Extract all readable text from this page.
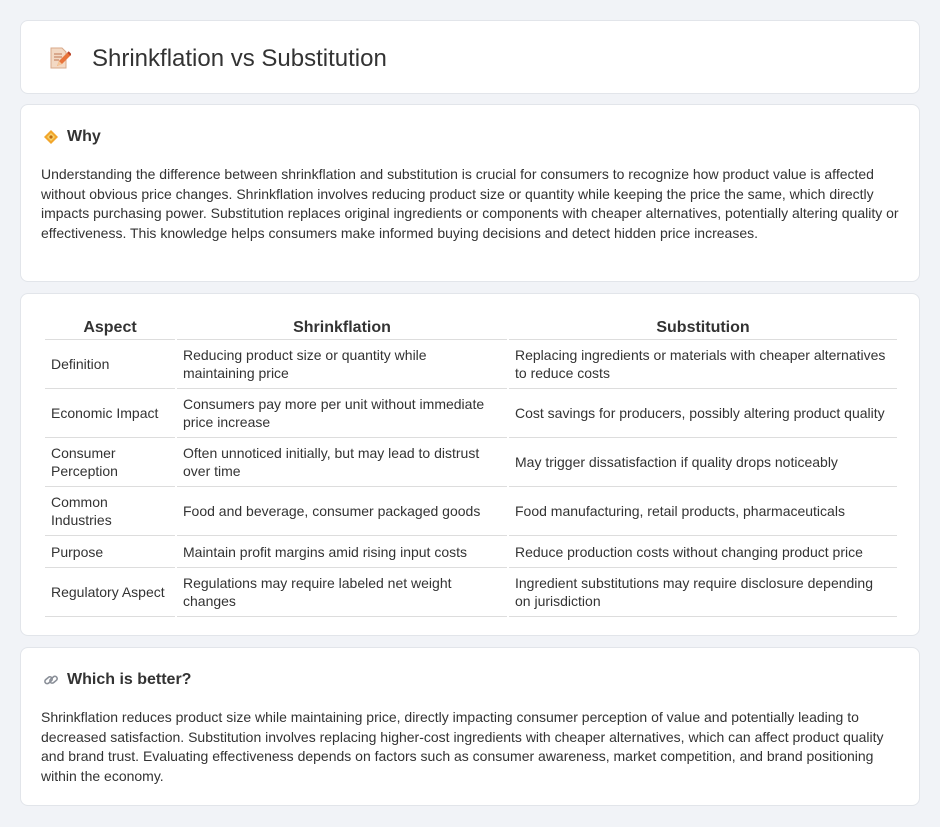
Shrinkflation vs Substitution
Why

Understanding the difference between shrinkflation and substitution is crucial for consumers to recognize how product value is affected without obvious price changes. Shrinkflation involves reducing product size or quantity while keeping the price the same, which directly impacts purchasing power. Substitution replaces original ingredients or components with cheaper alternatives, potentially altering quality or effectiveness. This knowledge helps consumers make informed buying decisions and detect hidden price increases.

Aspect	Shrinkflation	Substitution
Definition	Reducing product size or quantity while maintaining price	Replacing ingredients or materials with cheaper alternatives to reduce costs
Economic Impact	Consumers pay more per unit without immediate price increase	Cost savings for producers, possibly altering product quality
Consumer Perception	Often unnoticed initially, but may lead to distrust over time	May trigger dissatisfaction if quality drops noticeably
Common Industries	Food and beverage, consumer packaged goods	Food manufacturing, retail products, pharmaceuticals
Purpose	Maintain profit margins amid rising input costs	Reduce production costs without changing product price
Regulatory Aspect	Regulations may require labeled net weight changes	Ingredient substitutions may require disclosure depending on jurisdiction
Which is better?

Shrinkflation reduces product size while maintaining price, directly impacting consumer perception of value and potentially leading to decreased satisfaction. Substitution involves replacing higher-cost ingredients with cheaper alternatives, which can affect product quality and brand trust. Evaluating effectiveness depends on factors such as consumer awareness, market competition, and brand positioning within the economy.
